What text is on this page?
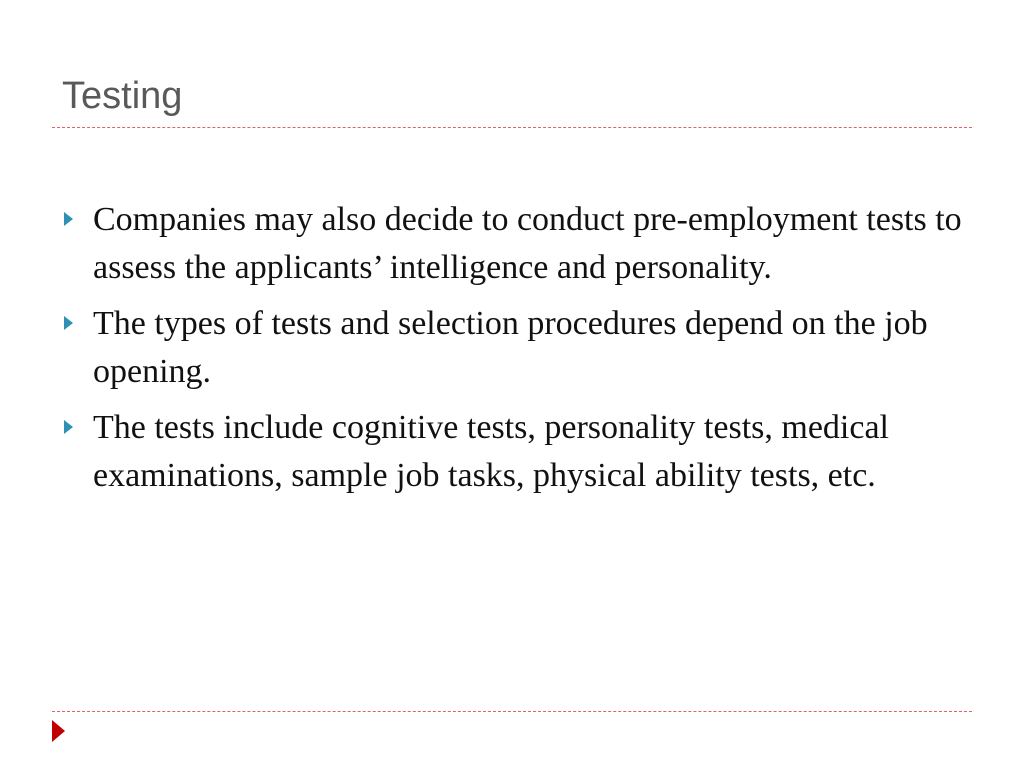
Testing
Companies may also decide to conduct pre-employment tests to assess the applicants’ intelligence and personality.
The types of tests and selection procedures depend on the job opening.
The tests include cognitive tests, personality tests, medical examinations, sample job tasks, physical ability tests, etc.
